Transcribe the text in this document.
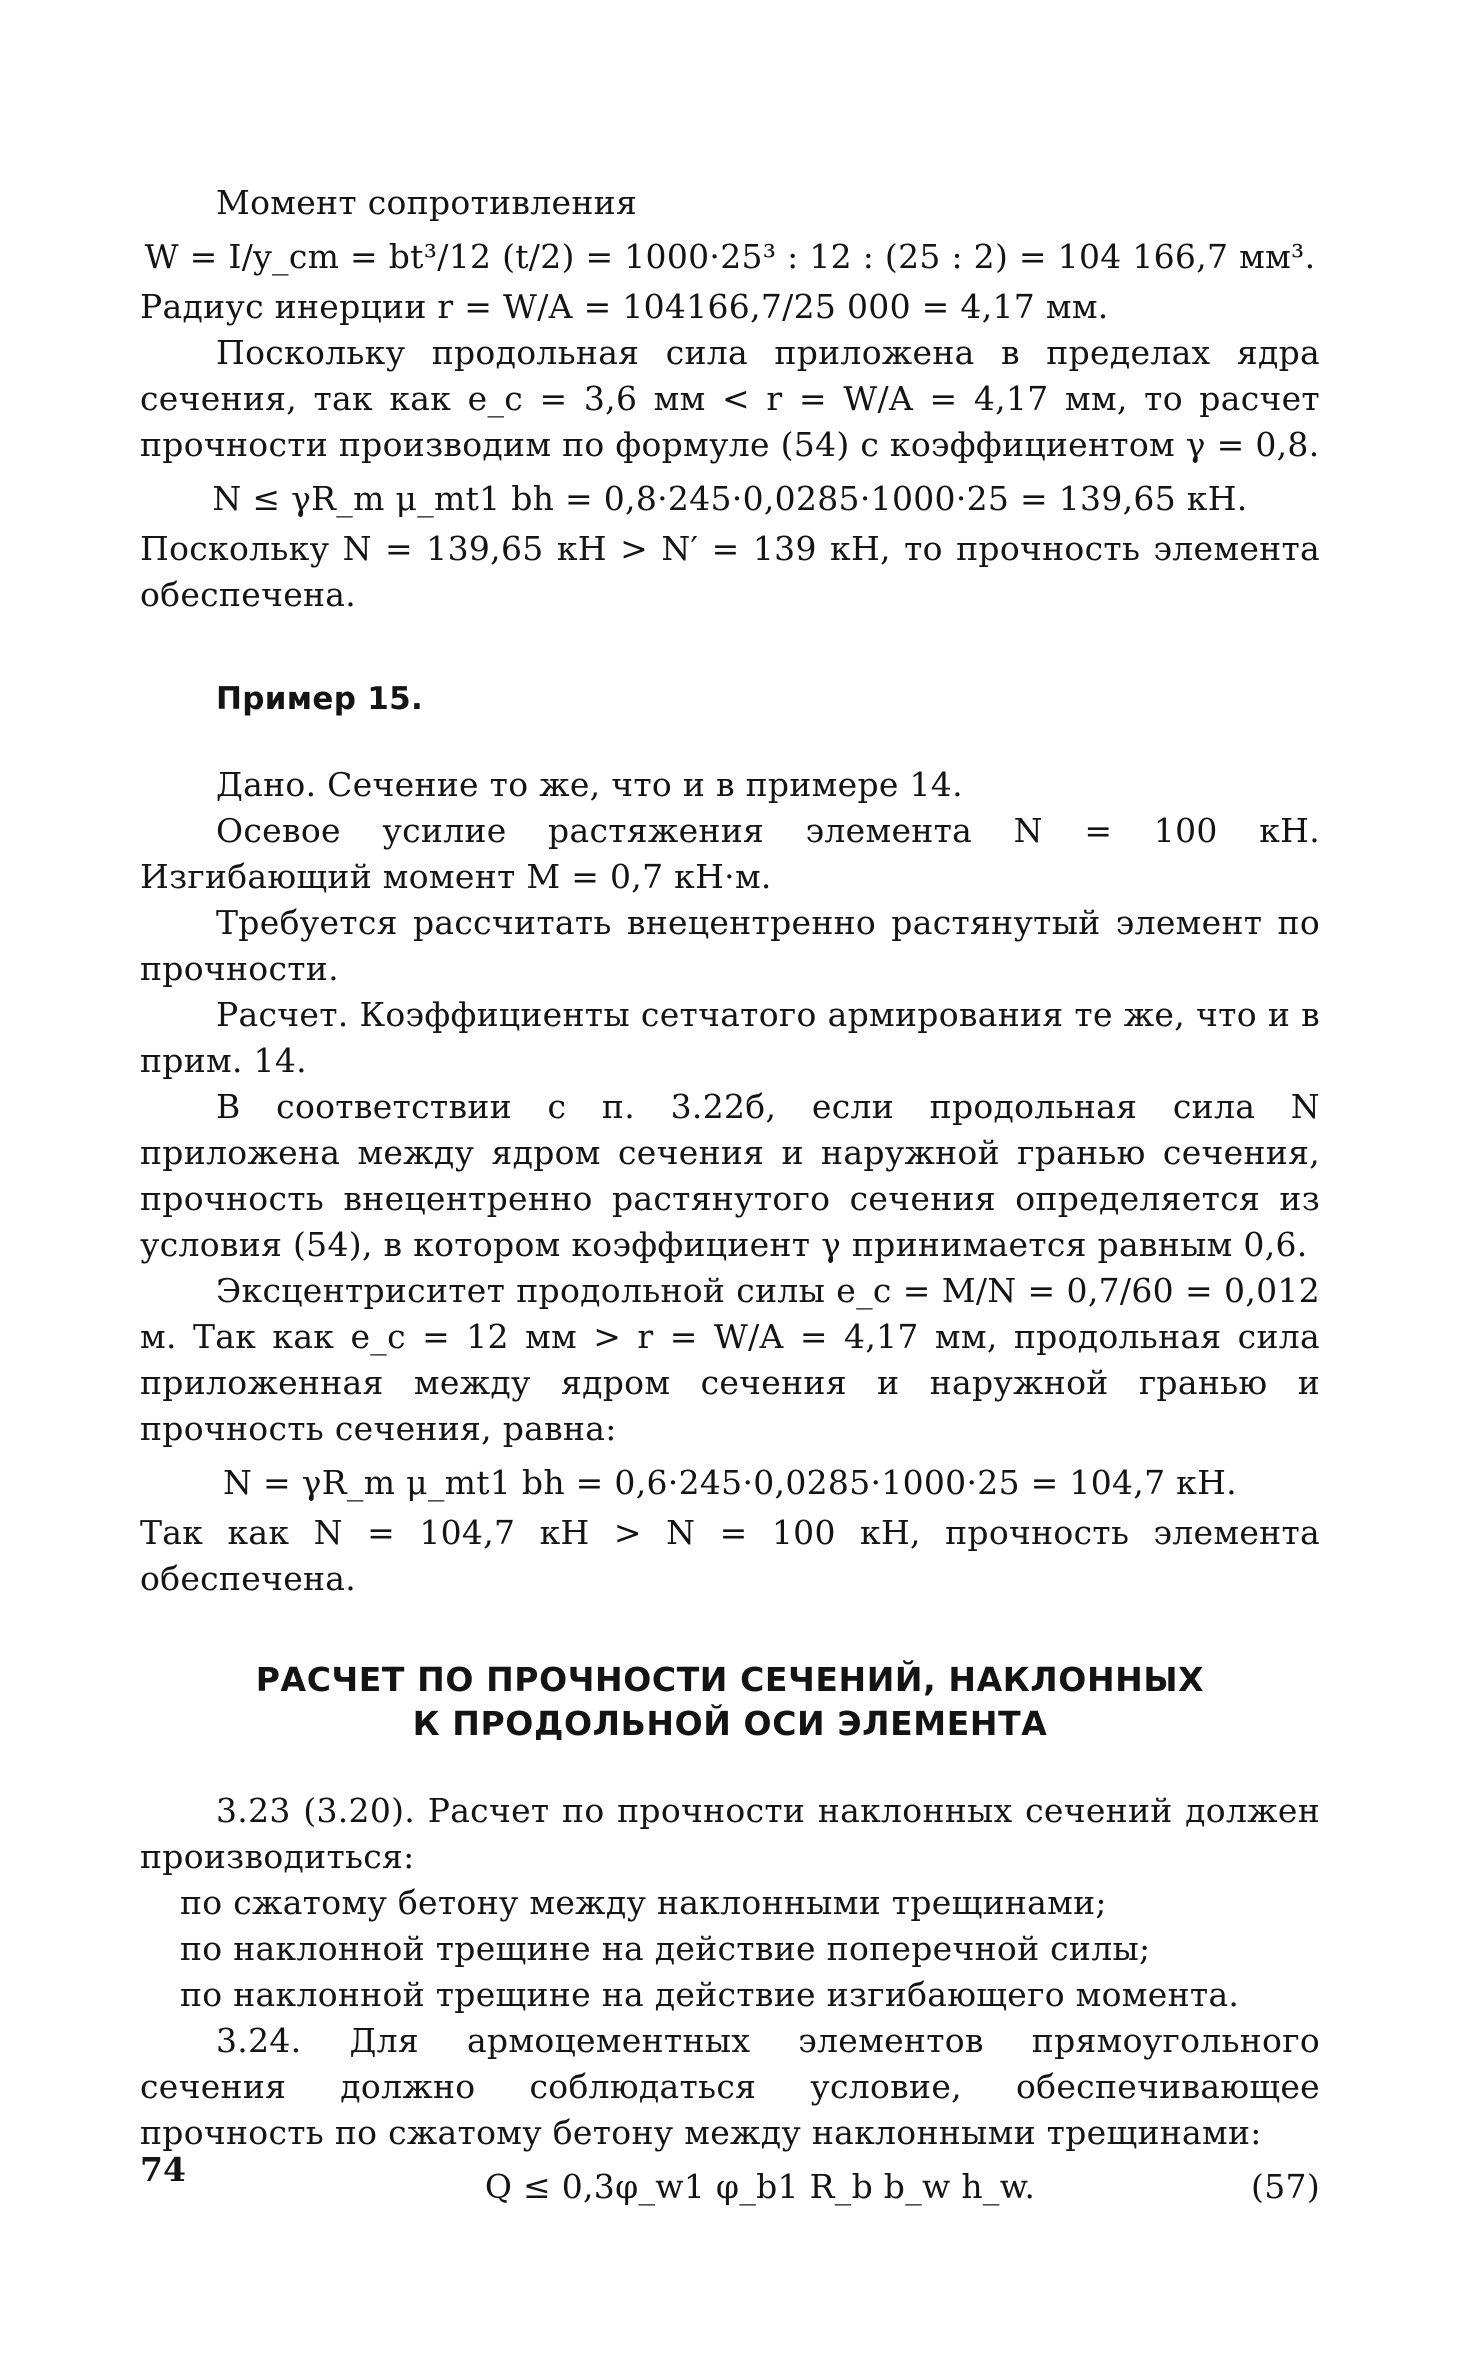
Момент сопротивления

W = I/y_cm = bt³/12 (t/2) = 1000·25³ : 12 : (25 : 2) = 104 166,7 мм³.

Радиус инерции r = W/A = 104166,7/25 000 = 4,17 мм.

Поскольку продольная сила приложена в пределах ядра сечения, так как e_c = 3,6 мм < r = W/A = 4,17 мм, то расчет прочности производим по формуле (54) с коэффициентом γ = 0,8.

N ≤ γR_m μ_mt1 bh = 0,8·245·0,0285·1000·25 = 139,65 кН.

Поскольку N = 139,65 кН > N′ = 139 кН, то прочность элемента обеспечена.

Пример 15.

Дано. Сечение то же, что и в примере 14.

Осевое усилие растяжения элемента N = 100 кН. Изгибающий момент M = 0,7 кН·м.

Требуется рассчитать внецентренно растянутый элемент по прочности.

Расчет. Коэффициенты сетчатого армирования те же, что и в прим. 14.

В соответствии с п. 3.22б, если продольная сила N приложена между ядром сечения и наружной гранью сечения, прочность внецентренно растянутого сечения определяется из условия (54), в котором коэффициент γ принимается равным 0,6.

Эксцентриситет продольной силы e_c = M/N = 0,7/60 = 0,012 м. Так как e_c = 12 мм > r = W/A = 4,17 мм, продольная сила приложенная между ядром сечения и наружной гранью и прочность сечения, равна:

N = γR_m μ_mt1 bh = 0,6·245·0,0285·1000·25 = 104,7 кН.

Так как N = 104,7 кН > N = 100 кН, прочность элемента обеспечена.

РАСЧЕТ ПО ПРОЧНОСТИ СЕЧЕНИЙ, НАКЛОННЫХ
К ПРОДОЛЬНОЙ ОСИ ЭЛЕМЕНТА

3.23 (3.20). Расчет по прочности наклонных сечений должен производиться:

по сжатому бетону между наклонными трещинами;

по наклонной трещине на действие поперечной силы;

по наклонной трещине на действие изгибающего момента.

3.24. Для армоцементных элементов прямоугольного сечения должно соблюдаться условие, обеспечивающее прочность по сжатому бетону между наклонными трещинами:

Q ≤ 0,3φ_w1 φ_b1 R_b b_w h_w.	(57)
74
